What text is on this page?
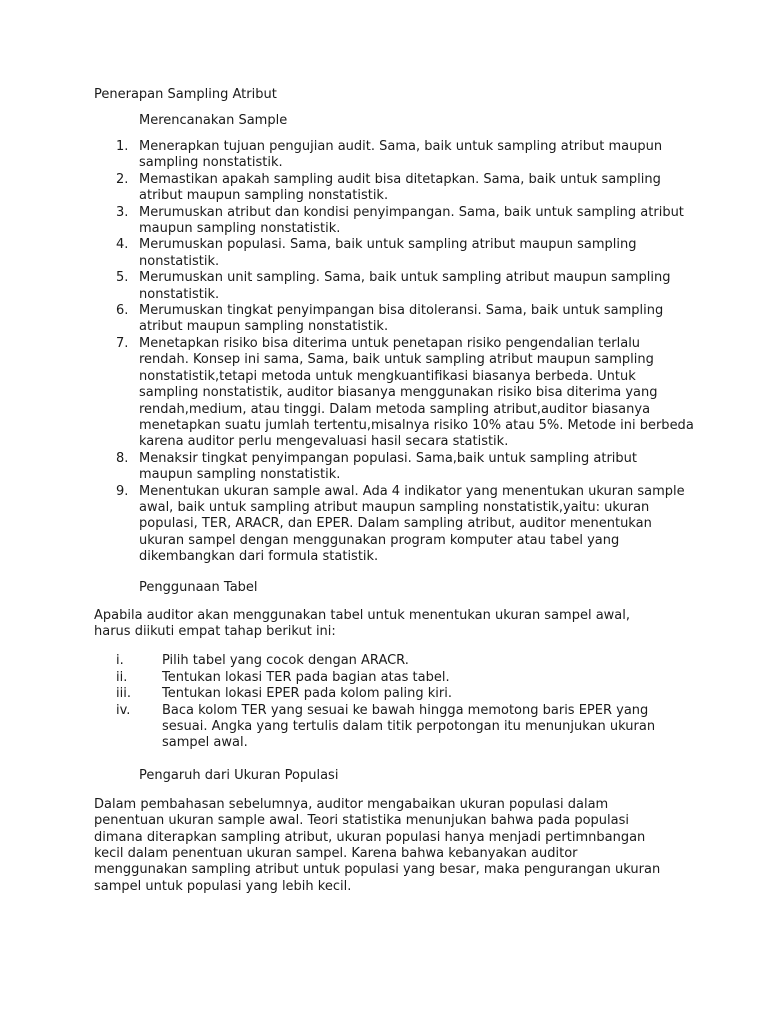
Penerapan Sampling Atribut

Merencanakan Sample

1. Menerapkan tujuan pengujian audit. Sama, baik untuk sampling atribut maupun sampling nonstatistik.
2. Memastikan apakah sampling audit bisa ditetapkan. Sama, baik untuk sampling atribut maupun sampling nonstatistik.
3. Merumuskan atribut dan kondisi penyimpangan. Sama, baik untuk sampling atribut maupun sampling nonstatistik.
4. Merumuskan populasi. Sama, baik untuk sampling atribut maupun sampling nonstatistik.
5. Merumuskan unit sampling. Sama, baik untuk sampling atribut maupun sampling nonstatistik.
6. Merumuskan tingkat penyimpangan bisa ditoleransi. Sama, baik untuk sampling atribut maupun sampling nonstatistik.
7. Menetapkan risiko bisa diterima untuk penetapan risiko pengendalian terlalu rendah. Konsep ini sama, Sama, baik untuk sampling atribut maupun sampling nonstatistik,tetapi metoda untuk mengkuantifikasi biasanya berbeda. Untuk sampling nonstatistik, auditor biasanya menggunakan risiko bisa diterima yang rendah,medium, atau tinggi. Dalam metoda sampling atribut,auditor biasanya menetapkan suatu jumlah tertentu,misalnya risiko 10% atau 5%. Metode ini berbeda karena auditor perlu mengevaluasi hasil secara statistik.
8. Menaksir tingkat penyimpangan populasi. Sama,baik untuk sampling atribut maupun sampling nonstatistik.
9. Menentukan ukuran sample awal. Ada 4 indikator yang menentukan ukuran sample awal, baik untuk sampling atribut maupun sampling nonstatistik,yaitu: ukuran populasi, TER, ARACR, dan EPER. Dalam sampling atribut, auditor menentukan ukuran sampel dengan menggunakan program komputer atau tabel yang dikembangkan dari formula statistik.

Penggunaan Tabel

Apabila auditor akan menggunakan tabel untuk menentukan ukuran sampel awal, harus diikuti empat tahap berikut ini:

i.	Pilih tabel yang cocok dengan ARACR.
ii.	Tentukan lokasi TER pada bagian atas tabel.
iii. Tentukan lokasi EPER pada kolom paling kiri.
iv. Baca kolom TER yang sesuai ke bawah hingga memotong baris EPER yang sesuai. Angka yang tertulis dalam titik perpotongan itu menunjukan ukuran sampel awal.

Pengaruh dari Ukuran Populasi

Dalam pembahasan sebelumnya, auditor mengabaikan ukuran populasi dalam penentuan ukuran sample awal. Teori statistika menunjukan bahwa pada populasi dimana diterapkan sampling atribut, ukuran populasi hanya menjadi pertimnbangan kecil dalam penentuan ukuran sampel. Karena bahwa kebanyakan auditor menggunakan sampling atribut untuk populasi yang besar, maka pengurangan ukuran sampel untuk populasi yang lebih kecil.
